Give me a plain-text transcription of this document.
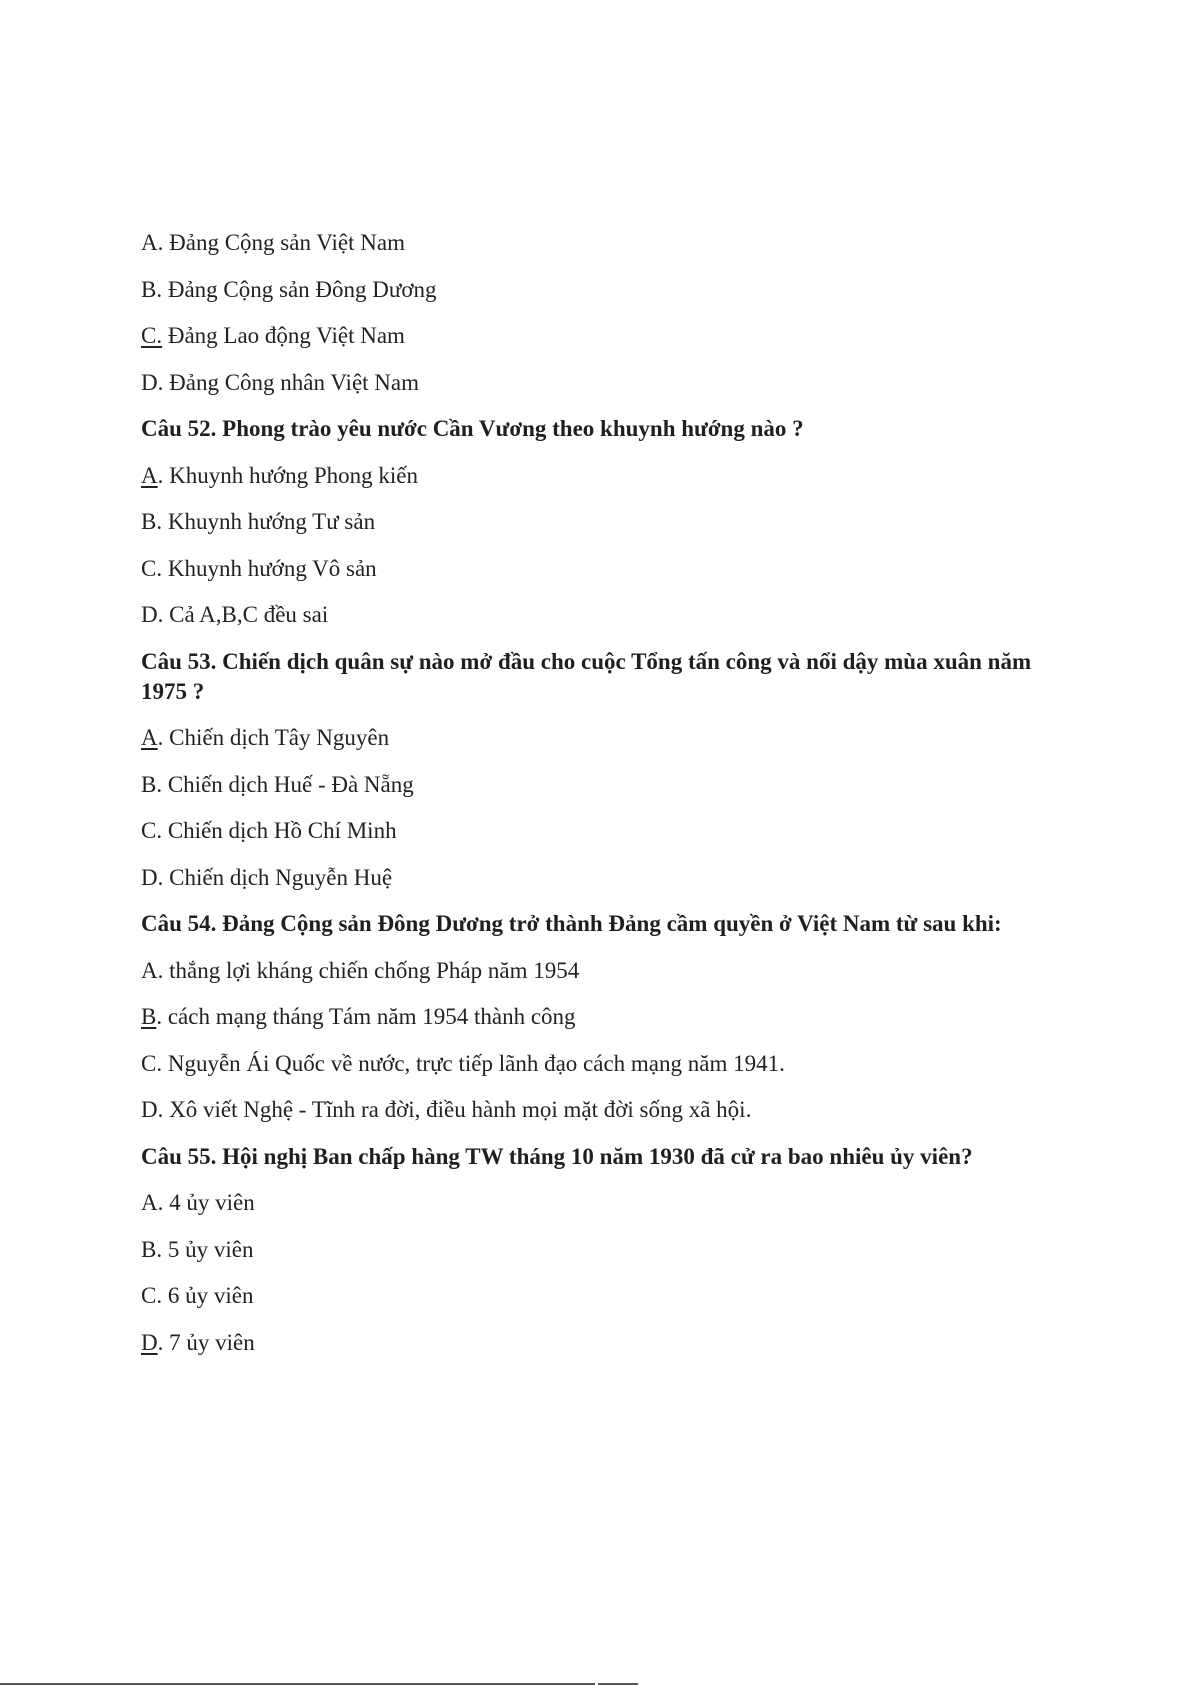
A. Đảng Cộng sản Việt Nam
B. Đảng Cộng sản Đông Dương
C. Đảng Lao động Việt Nam
D. Đảng Công nhân Việt Nam
Câu 52. Phong trào yêu nước Cần Vương theo khuynh hướng nào ?
A. Khuynh hướng Phong kiến
B. Khuynh hướng Tư sản
C. Khuynh hướng Vô sản
D. Cả A,B,C đều sai
Câu 53. Chiến dịch quân sự nào mở đầu cho cuộc Tổng tấn công và nổi dậy mùa xuân năm 1975 ?
A. Chiến dịch Tây Nguyên
B. Chiến dịch Huế - Đà Nẵng
C. Chiến dịch Hồ Chí Minh
D. Chiến dịch Nguyễn Huệ
Câu 54. Đảng Cộng sản Đông Dương trở thành Đảng cầm quyền ở Việt Nam từ sau khi:
A. thắng lợi kháng chiến chống Pháp năm 1954
B. cách mạng tháng Tám năm 1954 thành công
C. Nguyễn Ái Quốc về nước, trực tiếp lãnh đạo cách mạng năm 1941.
D. Xô viết Nghệ - Tĩnh ra đời, điều hành mọi mặt đời sống xã hội.
Câu 55. Hội nghị Ban chấp hàng TW tháng 10 năm 1930 đã cử ra bao nhiêu ủy viên?
A. 4 ủy viên
B. 5 ủy viên
C. 6 ủy viên
D. 7 ủy viên
